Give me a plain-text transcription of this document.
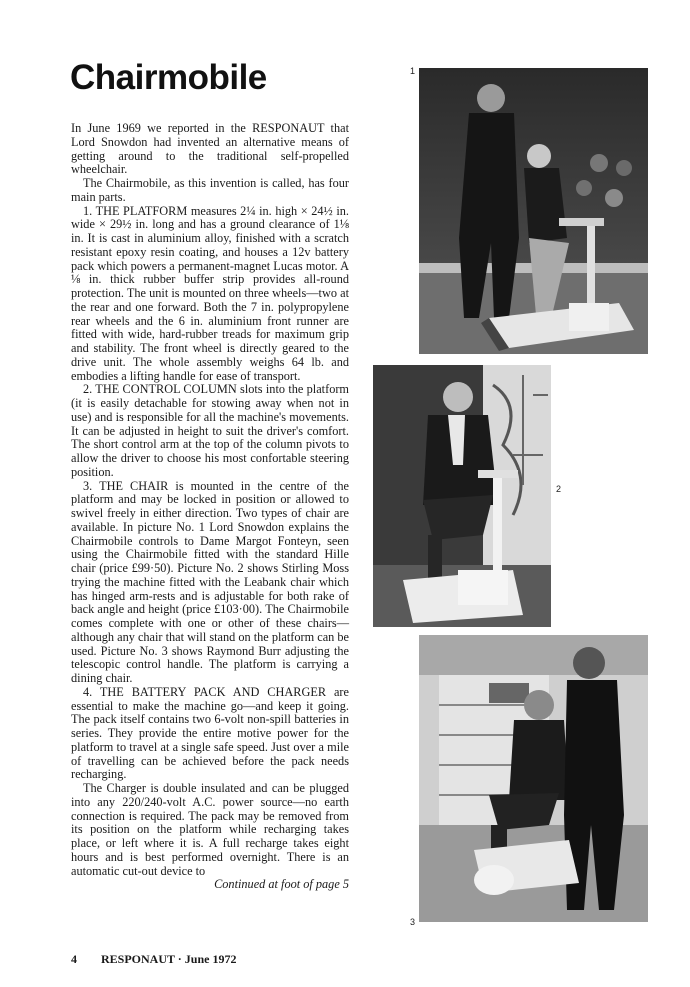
Chairmobile

In June 1969 we reported in the RESPONAUT that Lord Snowdon had invented an alternative means of getting around to the traditional self-propelled wheelchair.

The Chairmobile, as this invention is called, has four main parts.

1. THE PLATFORM measures 2¼ in. high × 24½ in. wide × 29½ in. long and has a ground clearance of 1⅛ in. It is cast in aluminium alloy, finished with a scratch resistant epoxy resin coating, and houses a 12v battery pack which powers a permanent-magnet Lucas motor. A ⅛ in. thick rubber buffer strip provides all-round protection. The unit is mounted on three wheels—two at the rear and one forward. Both the 7 in. polypropylene rear wheels and the 6 in. aluminium front runner are fitted with wide, hard-rubber treads for maximum grip and stability. The front wheel is directly geared to the drive unit. The whole assembly weighs 64 lb. and embodies a lifting handle for ease of transport.

2. THE CONTROL COLUMN slots into the platform (it is easily detachable for stowing away when not in use) and is responsible for all the machine's movements. It can be adjusted in height to suit the driver's comfort. The short control arm at the top of the column pivots to allow the driver to choose his most confortable steering position.

3. THE CHAIR is mounted in the centre of the platform and may be locked in position or allowed to swivel freely in either direction. Two types of chair are available. In picture No. 1 Lord Snowdon explains the Chairmobile controls to Dame Margot Fonteyn, seen using the Chairmobile fitted with the standard Hille chair (price £99·50). Picture No. 2 shows Stirling Moss trying the machine fitted with the Leabank chair which has hinged arm-rests and is adjustable for both rake of back angle and height (price £103·00). The Chairmobile comes complete with one or other of these chairs—although any chair that will stand on the platform can be used. Picture No. 3 shows Raymond Burr adjusting the telescopic control handle. The platform is carrying a dining chair.

4. THE BATTERY PACK AND CHARGER are essential to make the machine go—and keep it going. The pack itself contains two 6-volt non-spill batteries in series. They provide the entire motive power for the platform to travel at a single safe speed. Just over a mile of travelling can be achieved before the pack needs recharging.

The Charger is double insulated and can be plugged into any 220/240-volt A.C. power source—no earth connection is required. The pack may be removed from its position on the platform while recharging takes place, or left where it is. A full recharge takes eight hours and is best performed overnight. There is an automatic cut-out device to

Continued at foot of page 5

1
2
3
4 RESPONAUT · June 1972
